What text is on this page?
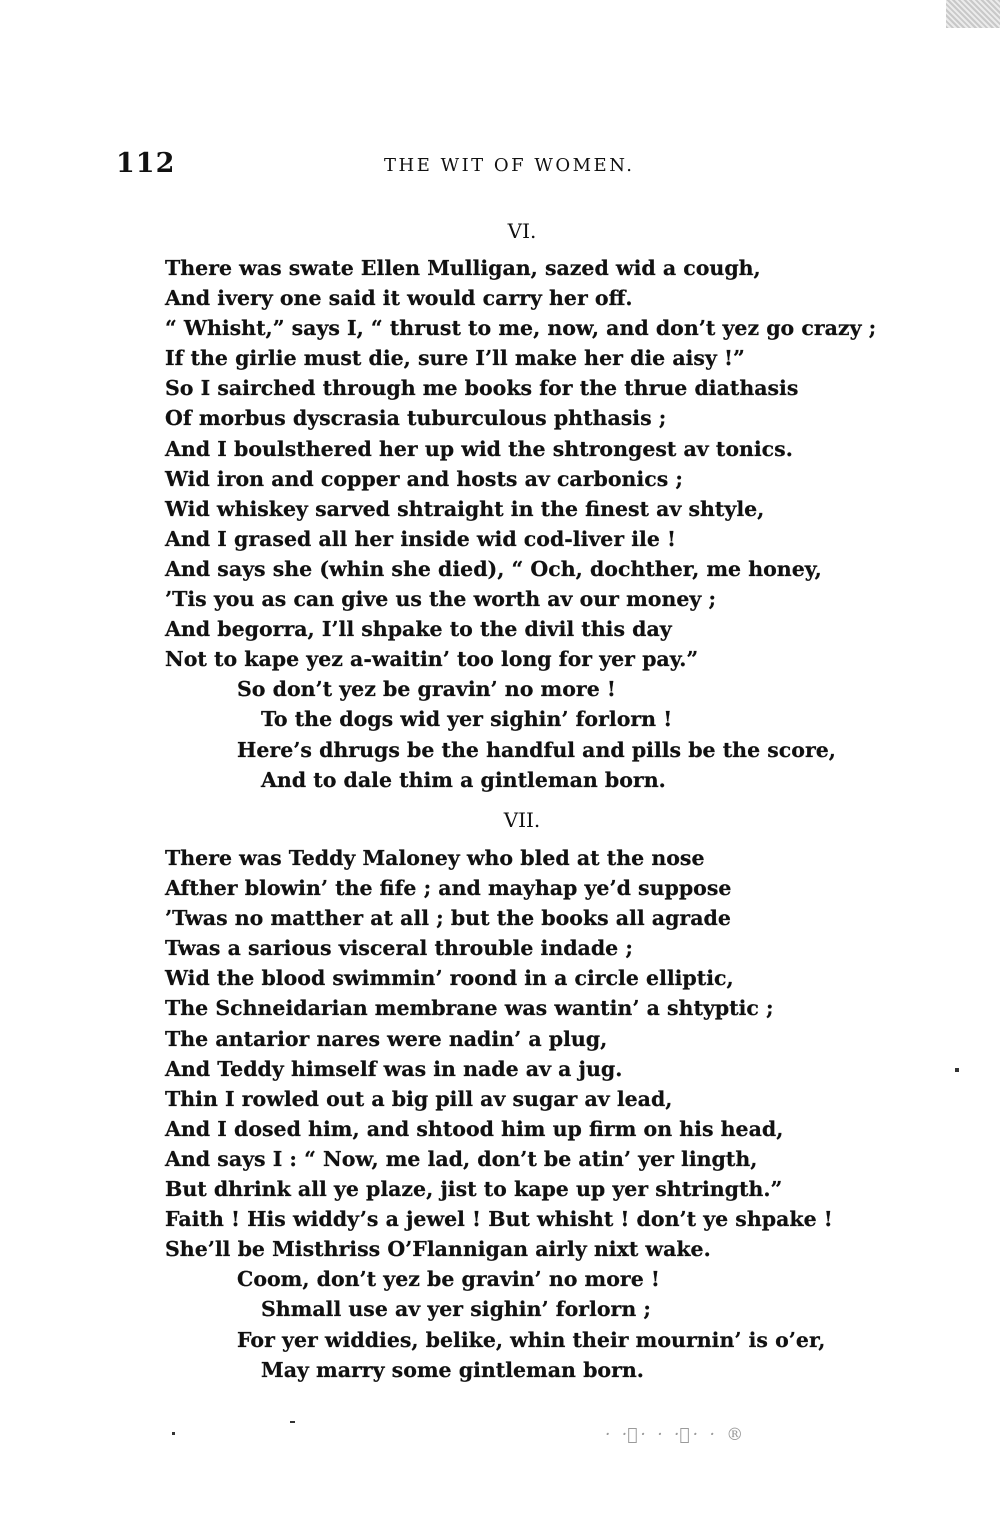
112	THE WIT OF WOMEN.
VI.
There was swate Ellen Mulligan, sazed wid a cough,
And ivery one said it would carry her off.
“ Whisht,” says I, “ thrust to me, now, and don’t yez go crazy ;
If the girlie must die, sure I’ll make her die aisy !”
So I sairched through me books for the thrue diathasis
Of morbus dyscrasia tuburculous phthasis ;
And I boulsthered her up wid the shtrongest av tonics.
Wid iron and copper and hosts av carbonics ;
Wid whiskey sarved shtraight in the finest av shtyle,
And I grased all her inside wid cod-liver ile !
And says she (whin she died), “ Och, dochther, me honey,
’Tis you as can give us the worth av our money ;
And begorra, I’ll shpake to the divil this day
Not to kape yez a-waitin’ too long for yer pay.”
So don’t yez be gravin’ no more !
To the dogs wid yer sighin’ forlorn !
Here’s dhrugs be the handful and pills be the score,
And to dale thim a gintleman born.
VII.
There was Teddy Maloney who bled at the nose
Afther blowin’ the fife ; and mayhap ye’d suppose
’Twas no matther at all ; but the books all agrade
Twas a sarious visceral throuble indade ;
Wid the blood swimmin’ roond in a circle elliptic,
The Schneidarian membrane was wantin’ a shtyptic ;
The antarior nares were nadin’ a plug,
And Teddy himself was in nade av a jug.
Thin I rowled out a big pill av sugar av lead,
And I dosed him, and shtood him up firm on his head,
And says I : “ Now, me lad, don’t be atin’ yer lingth,
But dhrink all ye plaze, jist to kape up yer shtringth.”
Faith ! His widdy’s a jewel ! But whisht ! don’t ye shpake !
She’ll be Misthriss O’Flannigan airly nixt wake.
Coom, don’t yez be gravin’ no more !
Shmall use av yer sighin’ forlorn ;
For yer widdies, belike, whin their mournin’ is o’er,
May marry some gintleman born.
· ·ﾞ· · ·ﾞ· · ®
